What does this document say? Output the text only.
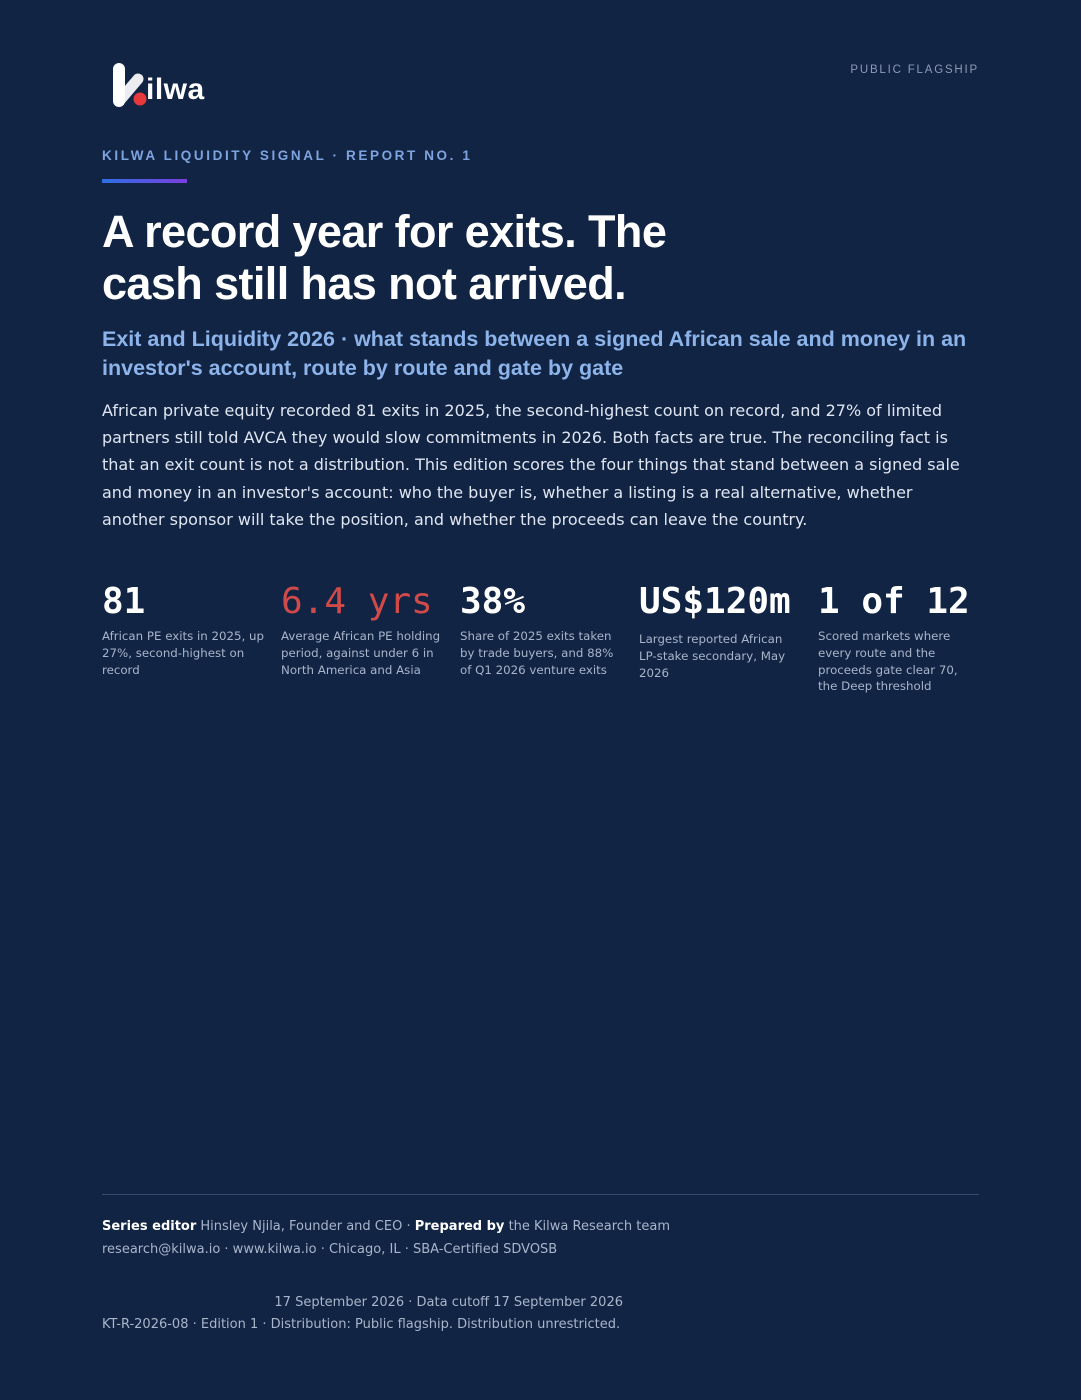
ilwa
PUBLIC FLAGSHIP
KILWA LIQUIDITY SIGNAL · REPORT NO. 1
A record year for exits. The
cash still has not arrived.

Exit and Liquidity 2026 · what stands between a signed African sale and money in an investor's account, route by route and gate by gate

African private equity recorded 81 exits in 2025, the second-highest count on record, and 27% of limited partners still told AVCA they would slow commitments in 2026. Both facts are true. The reconciling fact is that an exit count is not a distribution. This edition scores the four things that stand between a signed sale and money in an investor's account: who the buyer is, whether a listing is a real alternative, whether another sponsor will take the position, and whether the proceeds can leave the country.

81
African PE exits in 2025, up 27%, second-highest on record
6.4 yrs
Average African PE holding period, against under 6 in North America and Asia
38%
Share of 2025 exits taken by trade buyers, and 88% of Q1 2026 venture exits
US$120m
Largest reported African LP-stake secondary, May 2026
1 of 12
Scored markets where every route and the proceeds gate clear 70, the Deep threshold
Series editor Hinsley Njila, Founder and CEO · Prepared by the Kilwa Research team
research@kilwa.io · www.kilwa.io · Chicago, IL · SBA-Certified SDVOSB
17 September 2026 · Data cutoff 17 September 2026
KT-R-2026-08 · Edition 1 · Distribution: Public flagship. Distribution unrestricted.
